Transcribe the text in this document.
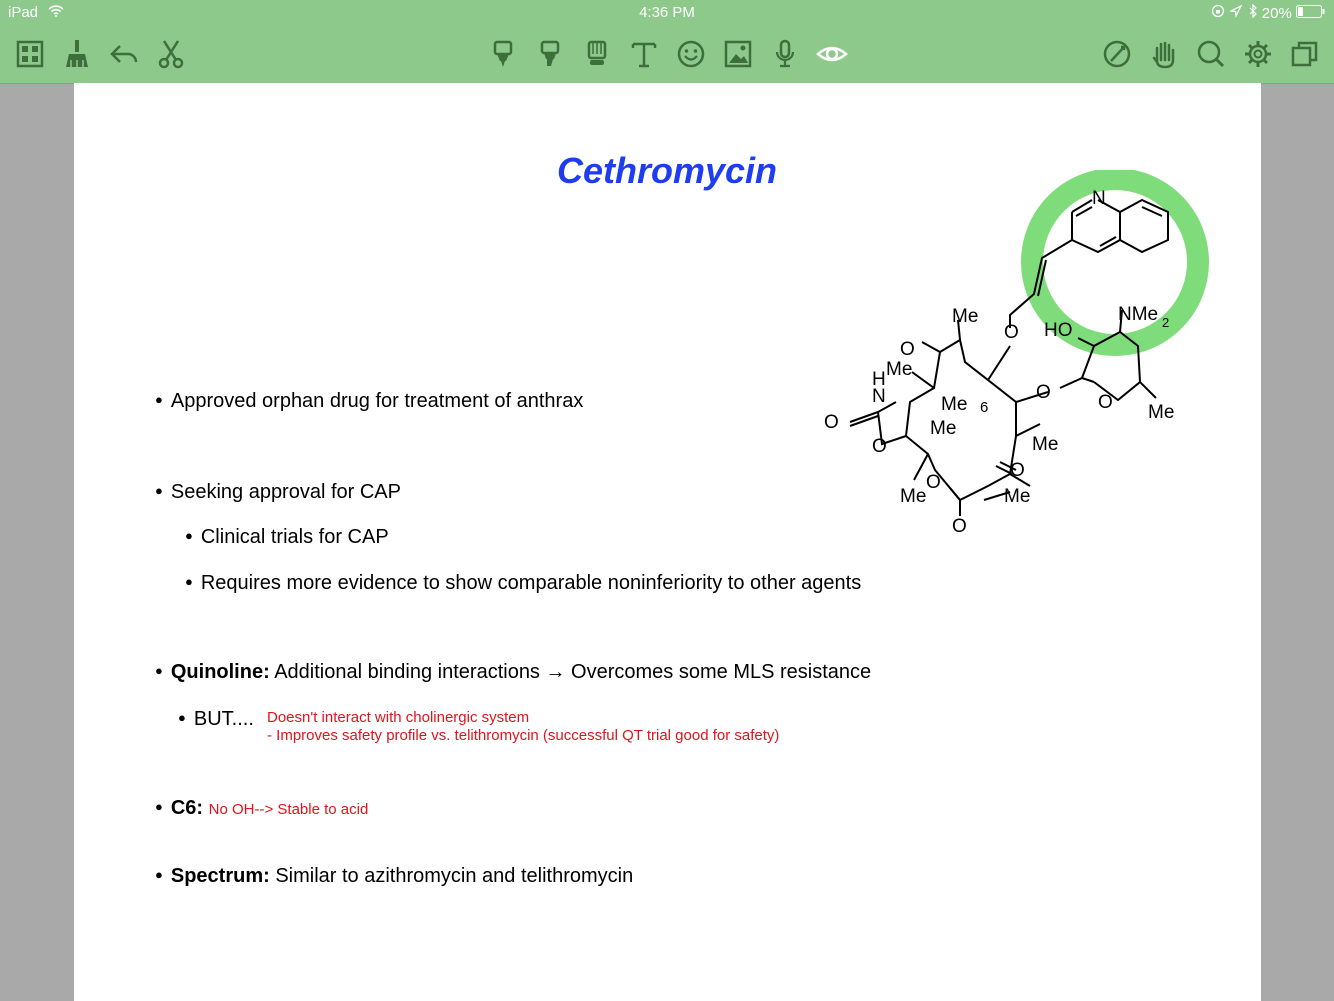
iPad	4:36 PM	20%
Cethromycin
● Approved orphan drug for treatment of anthrax
● Seeking approval for CAP
● Clinical trials for CAP
● Requires more evidence to show comparable noninferiority to other agents
● Quinoline: Additional binding interactions → Overcomes some MLS resistance
● BUT.... Doesn't interact with cholinergic system
- Improves safety profile vs. telithromycin (successful QT trial good for safety)
● C6: No OH--> Stable to acid
● Spectrum: Similar to azithromycin and telithromycin
N
O
Me
O
Me
H
N
O
O
Me 6
Me
Me
O
Me
Me
O
O
O
HO
NMe 2
O Me
